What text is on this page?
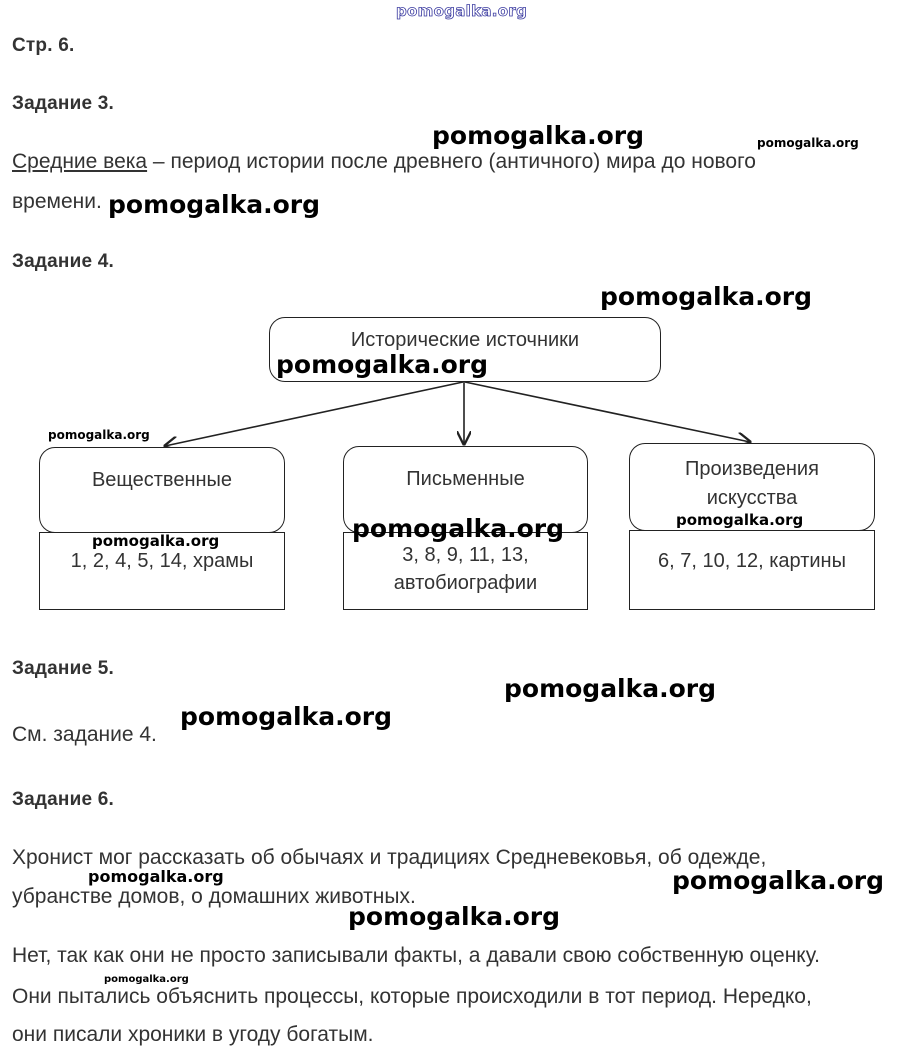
pomogalka.org
Стр. 6.
Задание 3.
Средние века – период истории после древнего (античного) мира до нового
времени.
Задание 4.
Исторические источники
1, 2, 4, 5, 14, храмы
Вещественные
3, 8, 9, 11, 13,
автобиографии
Письменные
6, 7, 10, 12, картины
Произведения
искусства
Задание 5.
См. задание 4.
Задание 6.
Хронист мог рассказать об обычаях и традициях Средневековья, об одежде,
убранстве домов, о домашних животных.
Нет, так как они не просто записывали факты, а давали свою собственную оценку.
Они пытались объяснить процессы, которые происходили в тот период. Нередко,
они писали хроники в угоду богатым.
pomogalka.org	pomogalka.org
pomogalka.org
pomogalka.org
pomogalka.org
pomogalka.org
pomogalka.org	pomogalka.org	pomogalka.org
pomogalka.org
pomogalka.org
pomogalka.org	pomogalka.org
pomogalka.org
pomogalka.org
